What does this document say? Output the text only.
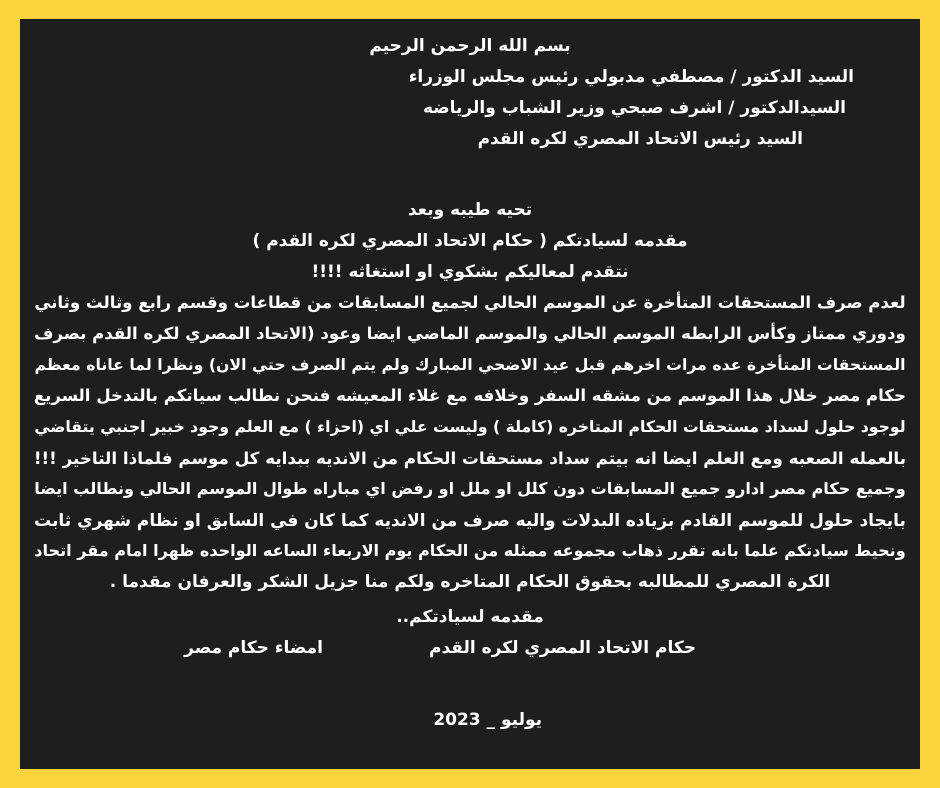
بسم الله الرحمن الرحيم
السيد الدكتور / مصطفي مدبولي رئيس مجلس الوزراء
السيدالدكتور / اشرف صبحي وزير الشباب والرياضه
السيد رئيس الاتحاد المصري لكره القدم
تحيه طيبه وبعد
مقدمه لسيادتكم ( حكام الاتحاد المصري لكره القدم )
نتقدم لمعاليكم بشكوي او استغاثه !!!!
لعدم صرف المستحقات المتأخرة عن الموسم الحالي لجميع المسابقات من قطاعات وقسم رابع وثالث وثاني
ودوري ممتاز وكأس الرابطه الموسم الحالي والموسم الماضي ايضا وعود (الاتحاد المصري لكره القدم بصرف
المستحقات المتأخرة عده مرات اخرهم قبل عيد الاضحي المبارك ولم يتم الصرف حتي الان) ونظرا لما عاناه معظم
حكام مصر خلال هذا الموسم من مشقه السفر وخلافه مع غلاء المعيشه فنحن نطالب سياتكم بالتدخل السريع
لوجود حلول لسداد مستحقات الحكام المتاخره (كاملة ) وليست علي اي (احزاء ) مع العلم وجود خبير اجنبي يتقاضي
بالعمله الصعبه ومع العلم ايضا انه بيتم سداد مستحقات الحكام من الانديه ببدايه كل موسم فلماذا التاخير !!!
وجميع حكام مصر ادارو جميع المسابقات دون كلل او ملل او رفض اي مباراه طوال الموسم الحالي ونطالب ايضا
بايجاد حلول للموسم القادم بزياده البدلات واليه صرف من الانديه كما كان في السابق او نظام شهري ثابت
ونحيط سيادتكم علما بانه تقرر ذهاب مجموعه ممثله من الحكام يوم الاربعاء الساعه الواحده ظهرا امام مقر اتحاد
الكرة المصري للمطالبه بحقوق الحكام المتاخره ولكم منا جزيل الشكر والعرفان مقدما .
مقدمه لسيادتكم..
حكام الاتحاد المصري لكره القدم
امضاء حكام مصر
يوليو _ 2023
